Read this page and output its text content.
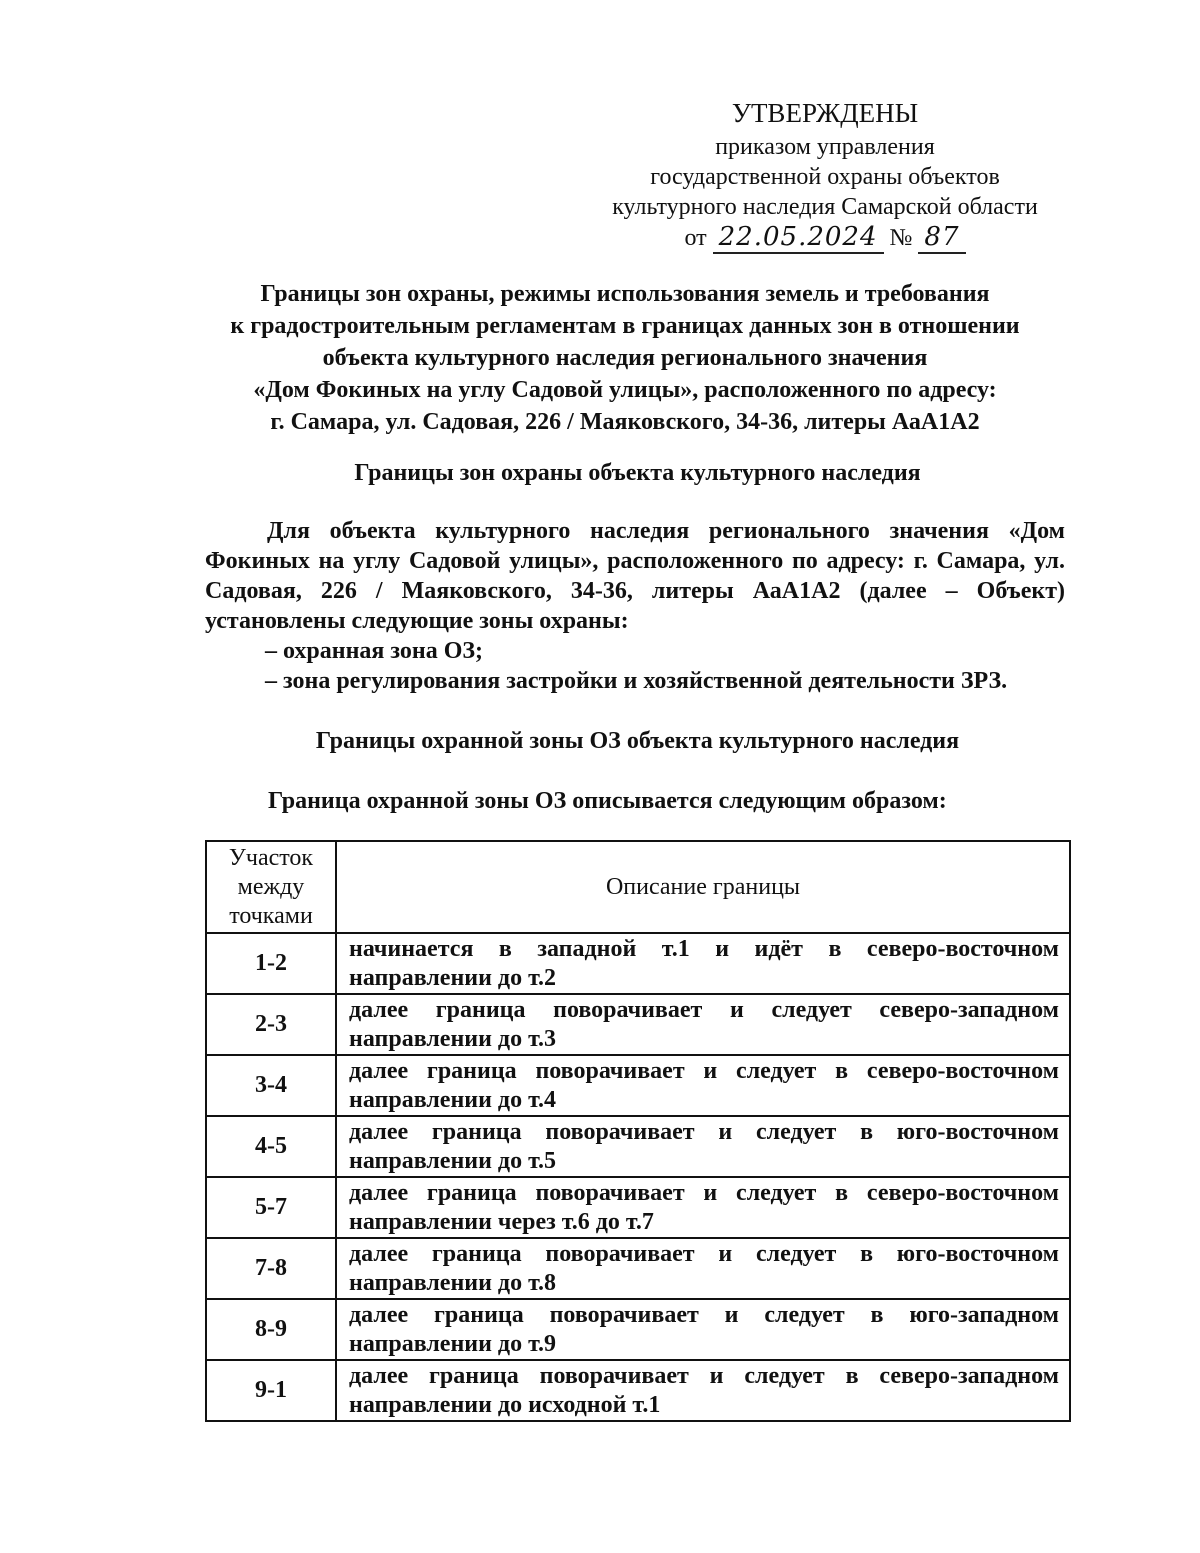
УТВЕРЖДЕНЫ
приказом управления
государственной охраны объектов
культурного наследия Самарской области
от 22.05.2024 № 87
Границы зон охраны, режимы использования земель и требования
к градостроительным регламентам в границах данных зон в отношении
объекта культурного наследия регионального значения
«Дом Фокиных на углу Садовой улицы», расположенного по адресу:
г. Самара, ул. Садовая, 226 / Маяковского, 34-36, литеры АаА1А2
Границы зон охраны объекта культурного наследия
Для объекта культурного наследия регионального значения «Дом Фокиных на углу Садовой улицы», расположенного по адресу: г. Самара, ул. Садовая, 226 / Маяковского, 34-36, литеры АаА1А2 (далее – Объект) установлены следующие зоны охраны:
– охранная зона ОЗ;
– зона регулирования застройки и хозяйственной деятельности ЗРЗ.
Границы охранной зоны ОЗ объекта культурного наследия
Граница охранной зоны ОЗ описывается следующим образом:
Участок
между
точками	Описание границы
1-2	начинается в западной т.1 и идёт в северо-восточном направлении до т.2
2-3	далее граница поворачивает и следует северо-западном направлении до т.3
3-4	далее граница поворачивает и следует в северо-восточном направлении до т.4
4-5	далее граница поворачивает и следует в юго-восточном направлении до т.5
5-7	далее граница поворачивает и следует в северо-восточном направлении через т.6 до т.7
7-8	далее граница поворачивает и следует в юго-восточном направлении до т.8
8-9	далее граница поворачивает и следует в юго-западном направлении до т.9
9-1	далее граница поворачивает и следует в северо-западном направлении до исходной т.1
